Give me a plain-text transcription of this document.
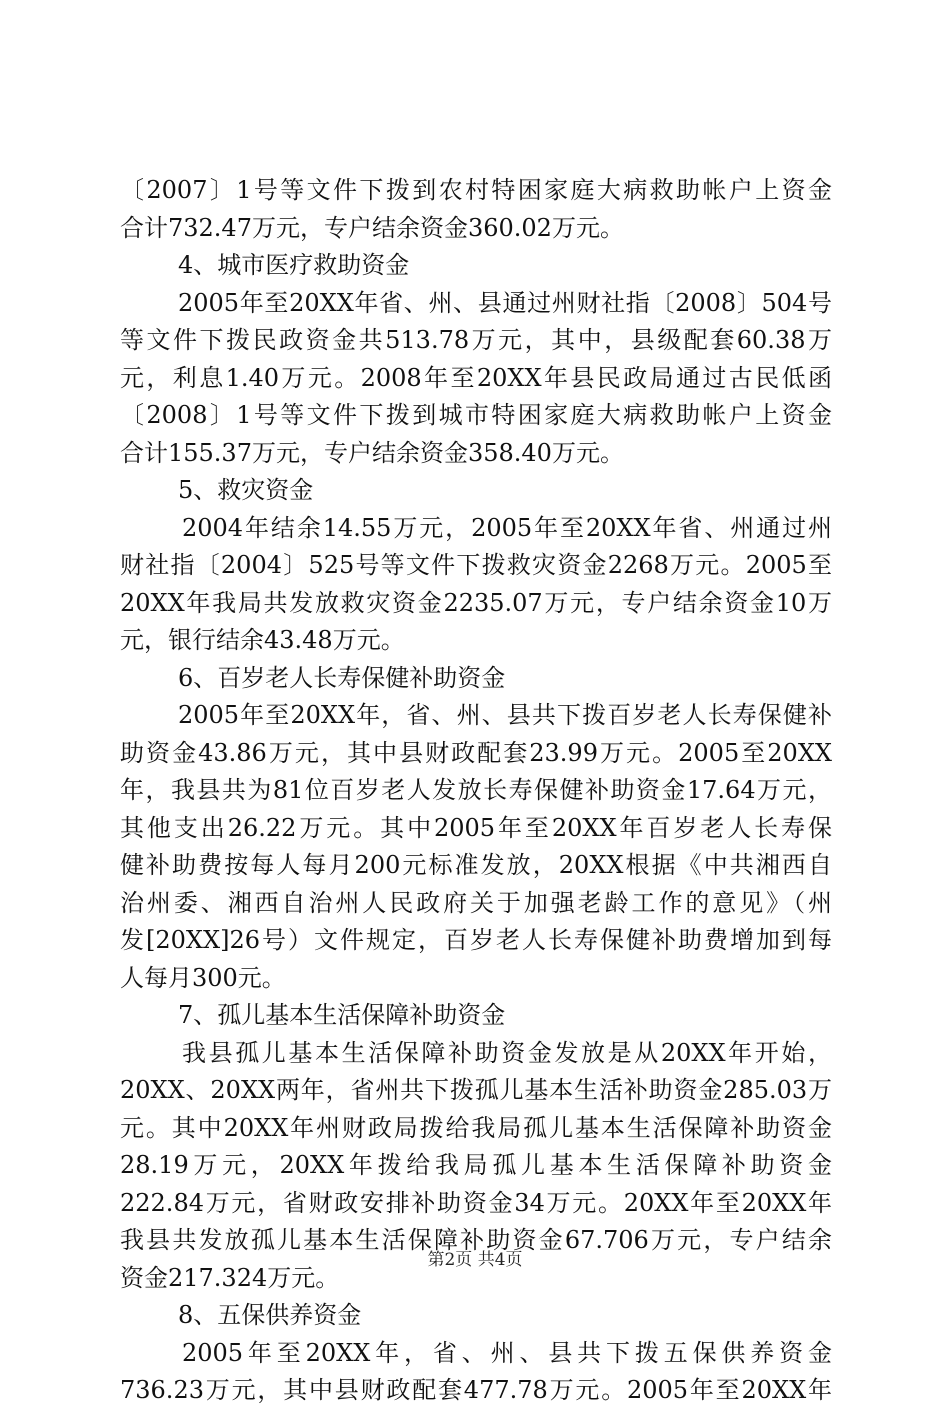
〔2007〕1号等文件下拨到农村特困家庭大病救助帐户上资金
合计732.47万元，专户结余资金360.02万元。
4、城市医疗救助资金
2005年至20XX年省、州、县通过州财社指〔2008〕504号
等文件下拨民政资金共513.78万元，其中，县级配套60.38万
元，利息1.40万元。2008年至20XX年县民政局通过古民低函
〔2008〕1号等文件下拨到城市特困家庭大病救助帐户上资金
合计155.37万元，专户结余资金358.40万元。
5、救灾资金
2004年结余14.55万元，2005年至20XX年省、州通过州
财社指〔2004〕525号等文件下拨救灾资金2268万元。2005至
20XX年我局共发放救灾资金2235.07万元，专户结余资金10万
元，银行结余43.48万元。
6、百岁老人长寿保健补助资金
2005年至20XX年，省、州、县共下拨百岁老人长寿保健补
助资金43.86万元，其中县财政配套23.99万元。2005至20XX
年，我县共为81位百岁老人发放长寿保健补助资金17.64万元，
其他支出26.22万元。其中2005年至20XX年百岁老人长寿保
健补助费按每人每月200元标准发放，20XX根据《中共湘西自
治州委、湘西自治州人民政府关于加强老龄工作的意见》（州
发[20XX]26号）文件规定，百岁老人长寿保健补助费增加到每
人每月300元。
7、孤儿基本生活保障补助资金
我县孤儿基本生活保障补助资金发放是从20XX年开始，
20XX、20XX两年，省州共下拨孤儿基本生活补助资金285.03万
元。其中20XX年州财政局拨给我局孤儿基本生活保障补助资金
28.19万元，20XX年拨给我局孤儿基本生活保障补助资金
222.84万元，省财政安排补助资金34万元。20XX年至20XX年
我县共发放孤儿基本生活保障补助资金67.706万元，专户结余
资金217.324万元。
8、五保供养资金
2005年至20XX年，省、州、县共下拨五保供养资金
736.23万元，其中县财政配套477.78万元。2005年至20XX年
第2页 共4页
